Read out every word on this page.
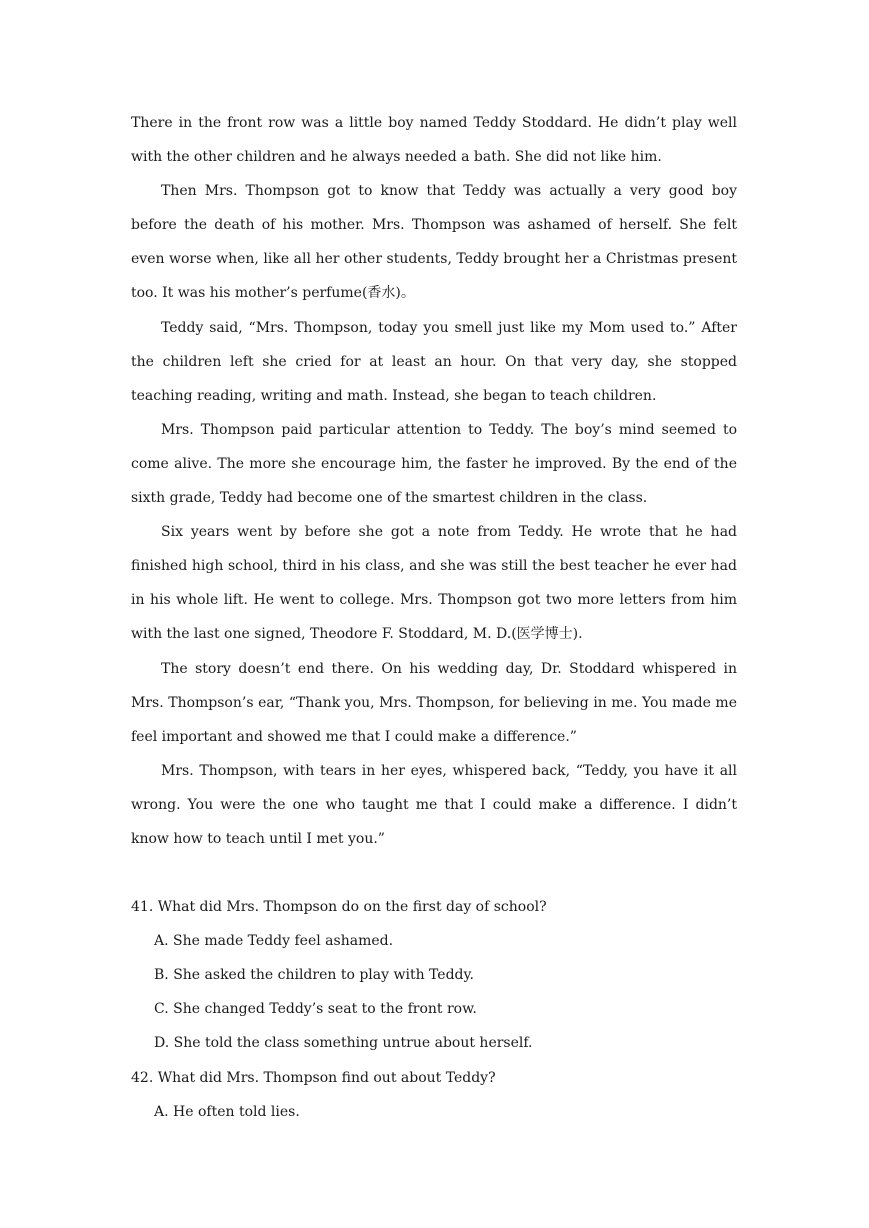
There in the front row was a little boy named Teddy Stoddard. He didn’t play well with the other children and he always needed a bath. She did not like him.

Then Mrs. Thompson got to know that Teddy was actually a very good boy before the death of his mother. Mrs. Thompson was ashamed of herself. She felt even worse when, like all her other students, Teddy brought her a Christmas present too. It was his mother’s perfume(香水)。

Teddy said, “Mrs. Thompson, today you smell just like my Mom used to.” After the children left she cried for at least an hour. On that very day, she stopped teaching reading, writing and math. Instead, she began to teach children.

Mrs. Thompson paid particular attention to Teddy. The boy’s mind seemed to come alive. The more she encourage him, the faster he improved. By the end of the sixth grade, Teddy had become one of the smartest children in the class.

Six years went by before she got a note from Teddy. He wrote that he had finished high school, third in his class, and she was still the best teacher he ever had in his whole lift. He went to college. Mrs. Thompson got two more letters from him with the last one signed, Theodore F. Stoddard, M. D.(医学博士).

The story doesn’t end there. On his wedding day, Dr. Stoddard whispered in Mrs. Thompson’s ear, “Thank you, Mrs. Thompson, for believing in me. You made me feel important and showed me that I could make a difference.”

Mrs. Thompson, with tears in her eyes, whispered back, “Teddy, you have it all wrong. You were the one who taught me that I could make a difference. I didn’t know how to teach until I met you.”

41. What did Mrs. Thompson do on the first day of school?

A. She made Teddy feel ashamed.

B. She asked the children to play with Teddy.

C. She changed Teddy’s seat to the front row.

D. She told the class something untrue about herself.

42. What did Mrs. Thompson find out about Teddy?

A. He often told lies.
